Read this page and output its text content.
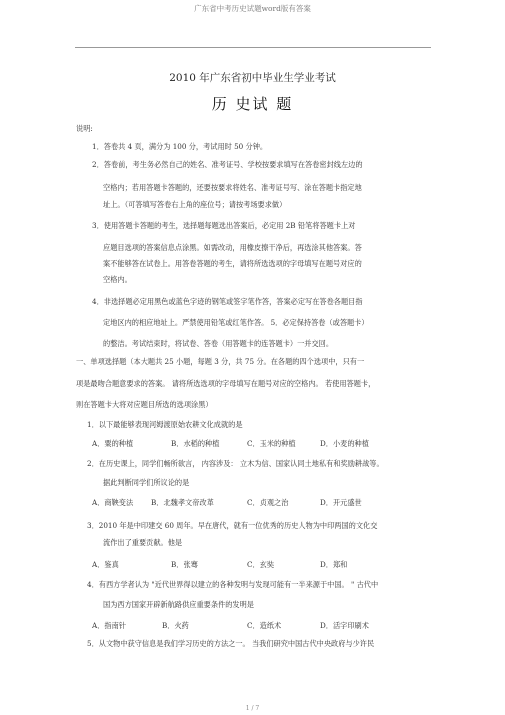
广东省中考历史试题word版有答案
2010 年广东省初中毕业生学业考试
历 史试 题
说明:
1．答卷共 4 页，满分为 100 分，考试用时 50 分钟。
2．答卷前，考生务必然自己的姓名、准考证号、学校按要求填写在答卷密封线左边的
空格内；若用答题卡答题的，还要按要求将姓名、准考证号写、涂在答题卡指定地
址上。（可答填写答卷右上角的座位号；请按考场要求做）
3．使用答题卡答题的考生，选择题每题选出答案后，必定用 2B 铅笔将答题卡上对
应题目选项的答案信息点涂黑。如需改动，用橡皮擦干净后，再选涂其他答案。答
案不能够答在试卷上。用答卷答题的考生，请将所选选项的字母填写在题号对应的
空格内。
4．非选择题必定用黑色或蓝色字迹的钢笔或签字笔作答，答案必定写在答卷各题目指
定地区内的相应地址上。严禁使用铅笔或红笔作答。 5．必定保持答卷（或答题卡）
的整洁。考试结束时，将试卷、答卷（用答题卡的连答题卡）一并交回。
一、单项选择题（本大题共 25 小题，每题 3 分，共 75 分。在各题的四个选项中，只有一
项是最吻合题意要求的答案。 请将所选选项的字母填写在题号对应的空格内。 若使用答题卡，
则在答题卡大将对应题目所选的选项涂黑）
1．以下最能够表现河姆渡原始农耕文化成就的是
A．粟的种植	B．水稻的种植	C．玉米的种植	D．小麦的种植
2．在历史课上，同学们畅所欲言， 内容涉及： 立木为信、国家认同土地私有和奖励耕战等。
据此判断同学们所议论的是
A．商鞅变法 B．北魏孝文帝改革	C．贞观之治	D．开元盛世
3．2010 年是中印建交 60 周年。早在唐代，就有一位优秀的历史人物为中印两国的文化交
流作出了重要贡献。他是
A．鉴真	B．张骞	C．玄奘	D．郑和
4．有西方学者认为 "近代世界得以建立的各种发明与发现可能有一半来源于中国。 " 古代中
国为西方国家开辟新航路供应重要条件的发明是
A．指南针	B．火药	C．造纸术	D．活字印刷术
5．从文物中获守信息是我们学习历史的方法之一。 当我们研究中国古代中央政府与少许民
1 / 7
